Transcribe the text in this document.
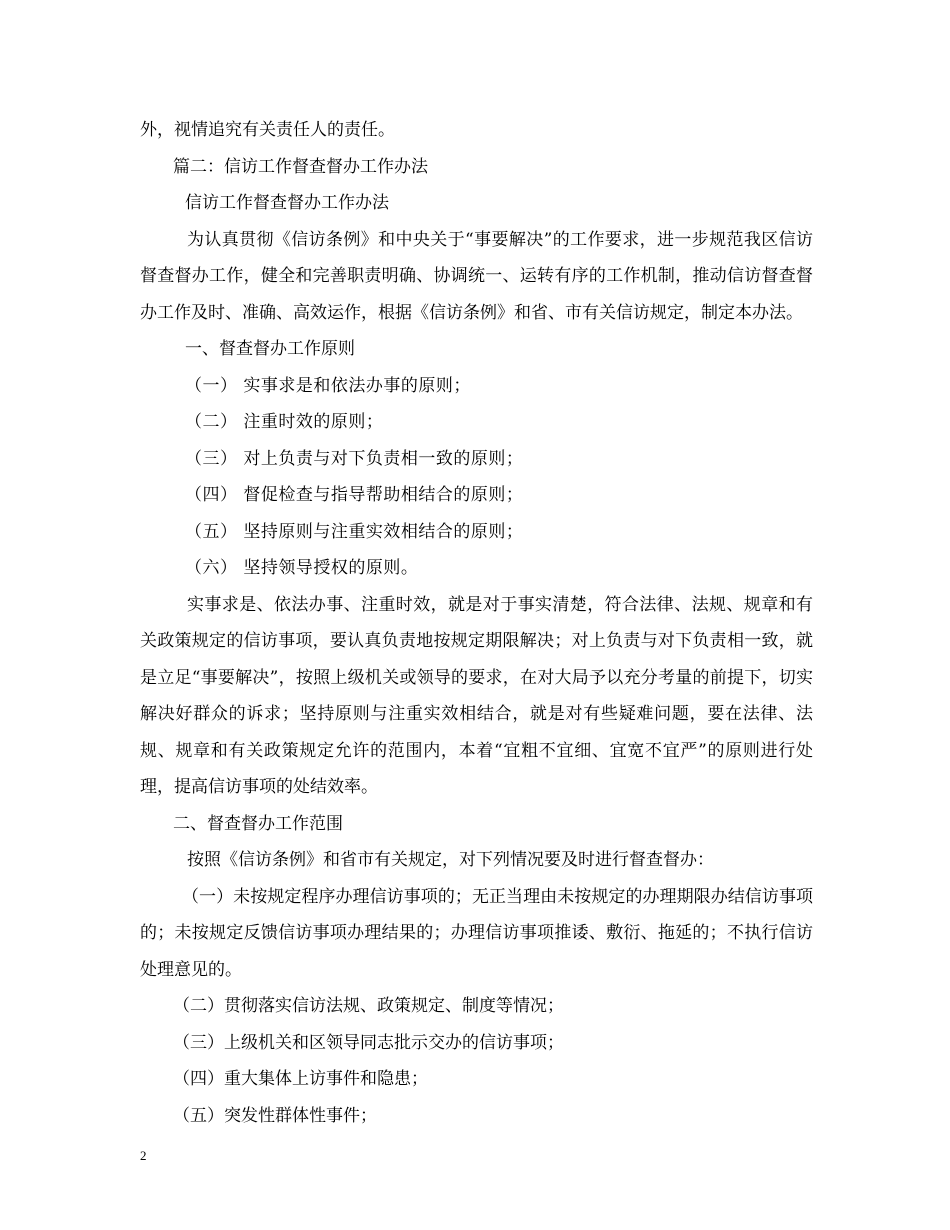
外，视情追究有关责任人的责任。

篇二：信访工作督查督办工作办法

信访工作督查督办工作办法

为认真贯彻《信访条例》和中央关于“事要解决”的工作要求，进一步规范我区信访督查督办工作，健全和完善职责明确、协调统一、运转有序的工作机制，推动信访督查督办工作及时、准确、高效运作，根据《信访条例》和省、市有关信访规定，制定本办法。

一、督查督办工作原则

（一） 实事求是和依法办事的原则；

（二） 注重时效的原则；

（三） 对上负责与对下负责相一致的原则；

（四） 督促检查与指导帮助相结合的原则；

（五） 坚持原则与注重实效相结合的原则；

（六） 坚持领导授权的原则。

实事求是、依法办事、注重时效，就是对于事实清楚，符合法律、法规、规章和有关政策规定的信访事项，要认真负责地按规定期限解决；对上负责与对下负责相一致，就是立足“事要解决”，按照上级机关或领导的要求，在对大局予以充分考量的前提下，切实解决好群众的诉求；坚持原则与注重实效相结合，就是对有些疑难问题，要在法律、法规、规章和有关政策规定允许的范围内，本着“宜粗不宜细、宜宽不宜严”的原则进行处理，提高信访事项的处结效率。

二、督查督办工作范围

按照《信访条例》和省市有关规定，对下列情况要及时进行督查督办：

（一）未按规定程序办理信访事项的；无正当理由未按规定的办理期限办结信访事项的；未按规定反馈信访事项办理结果的；办理信访事项推诿、敷衍、拖延的；不执行信访处理意见的。

（二）贯彻落实信访法规、政策规定、制度等情况；

（三）上级机关和区领导同志批示交办的信访事项；

（四）重大集体上访事件和隐患；

（五）突发性群体性事件；

2
